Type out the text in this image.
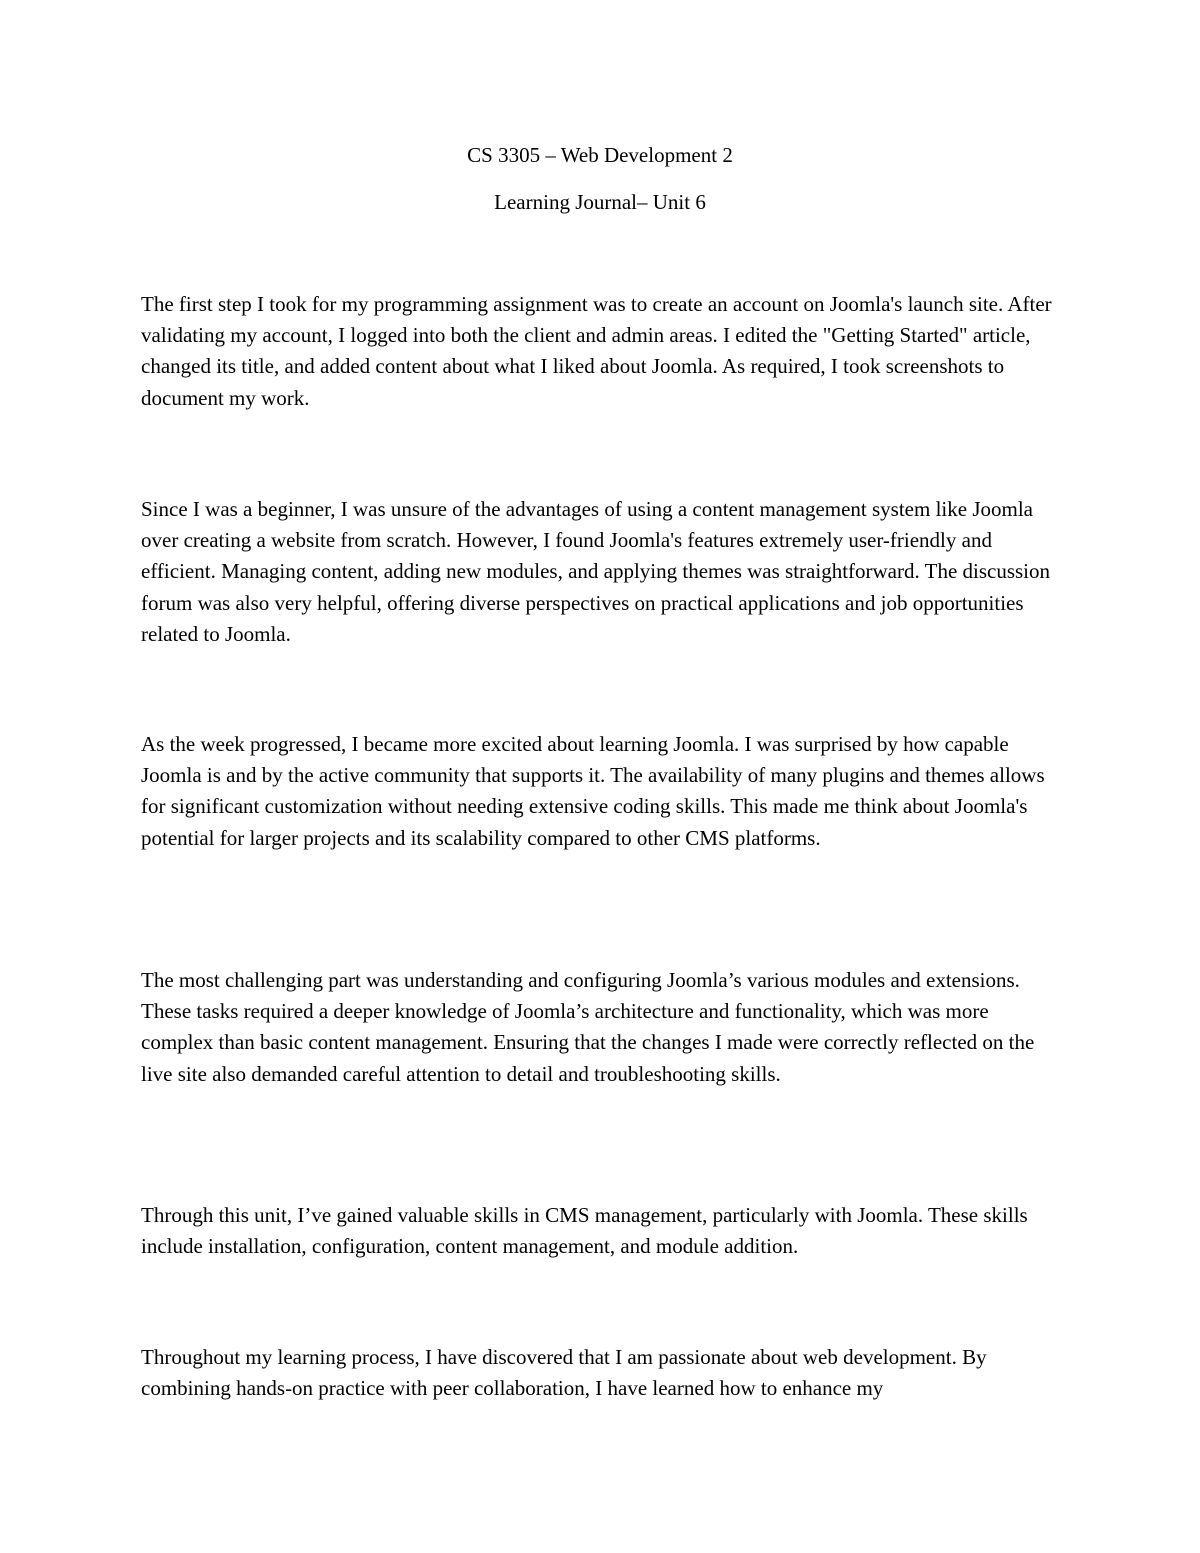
CS 3305 – Web Development 2

Learning Journal– Unit 6

The first step I took for my programming assignment was to create an account on Joomla's launch site. After validating my account, I logged into both the client and admin areas. I edited the "Getting Started" article, changed its title, and added content about what I liked about Joomla. As required, I took screenshots to document my work.

Since I was a beginner, I was unsure of the advantages of using a content management system like Joomla over creating a website from scratch. However, I found Joomla's features extremely user-friendly and efficient. Managing content, adding new modules, and applying themes was straightforward. The discussion forum was also very helpful, offering diverse perspectives on practical applications and job opportunities related to Joomla.

As the week progressed, I became more excited about learning Joomla. I was surprised by how capable Joomla is and by the active community that supports it. The availability of many plugins and themes allows for significant customization without needing extensive coding skills. This made me think about Joomla's potential for larger projects and its scalability compared to other CMS platforms.

The most challenging part was understanding and configuring Joomla’s various modules and extensions. These tasks required a deeper knowledge of Joomla’s architecture and functionality, which was more complex than basic content management. Ensuring that the changes I made were correctly reflected on the live site also demanded careful attention to detail and troubleshooting skills.

Through this unit, I’ve gained valuable skills in CMS management, particularly with Joomla. These skills include installation, configuration, content management, and module addition.

Throughout my learning process, I have discovered that I am passionate about web development. By combining hands-on practice with peer collaboration, I have learned how to enhance my
